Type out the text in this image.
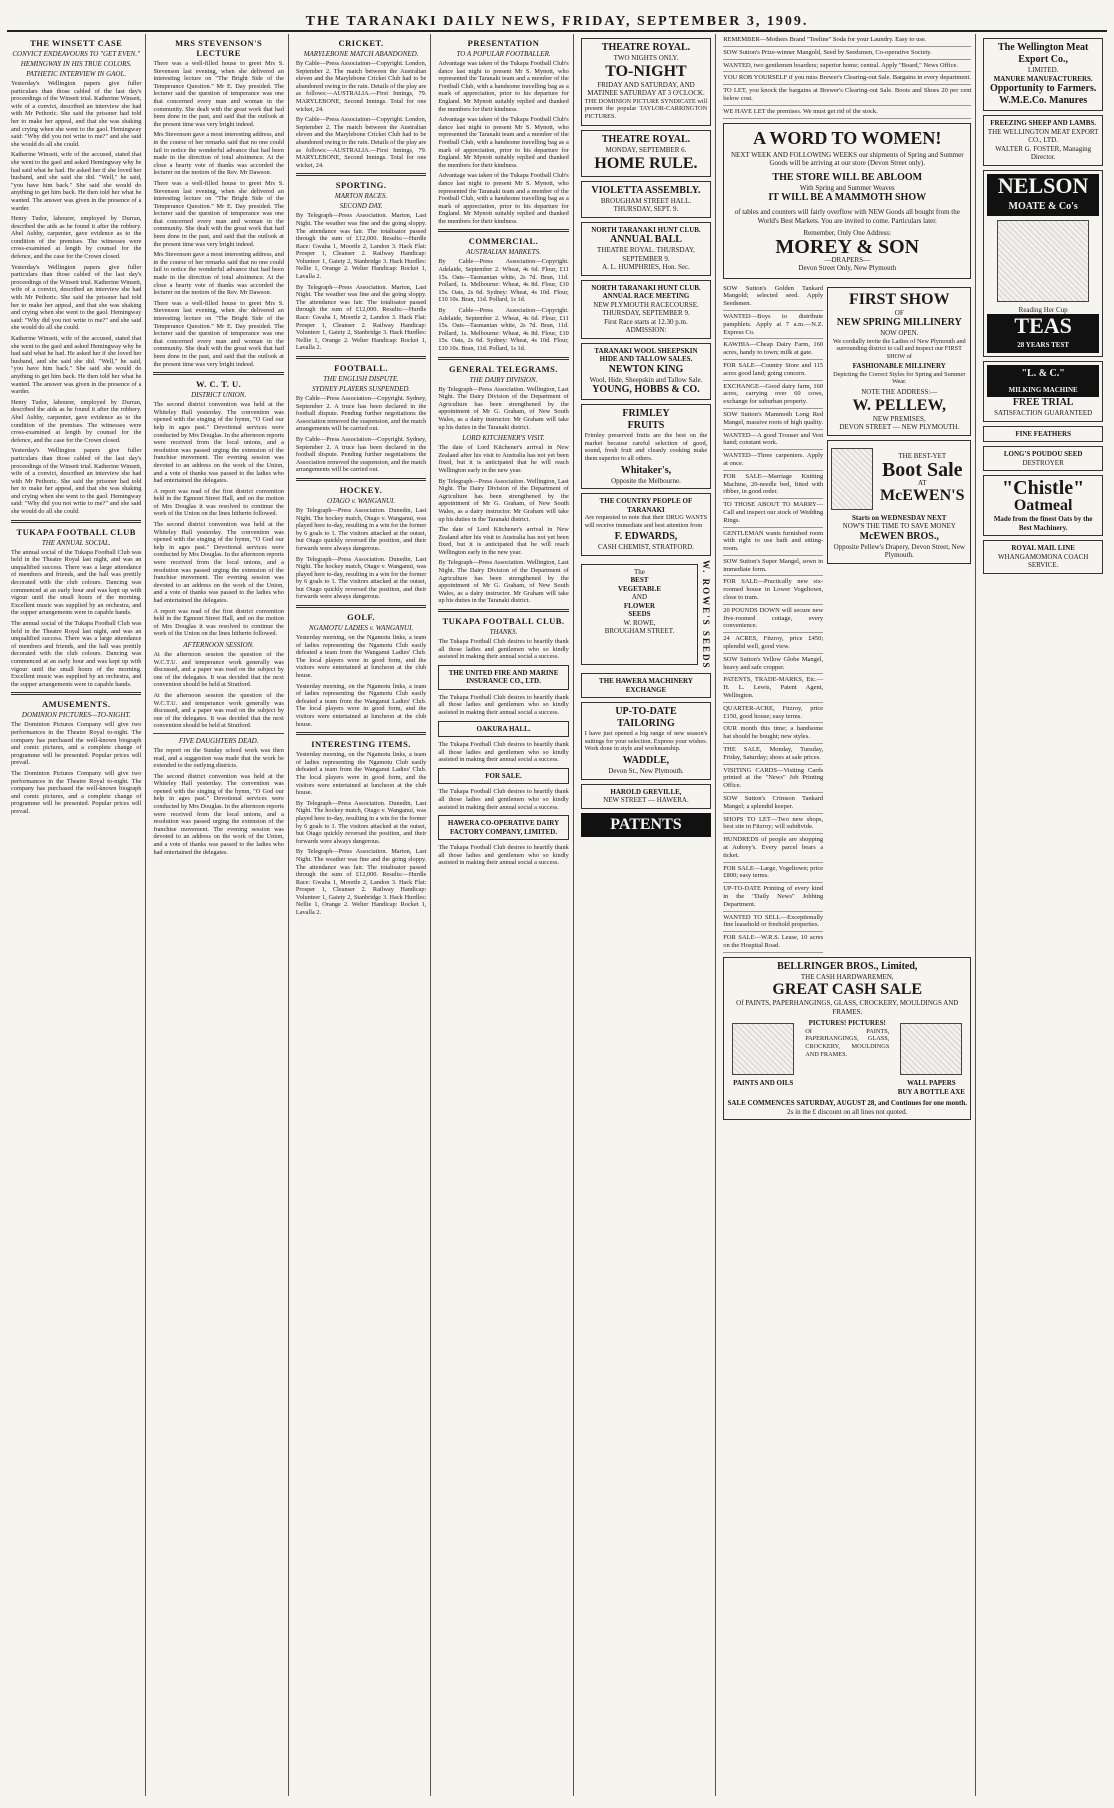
THE TARANAKI DAILY NEWS, FRIDAY, SEPTEMBER 3, 1909.
THE WINSETT CASE
CONVICT ENDEAVOURS TO "GET EVEN."
HEMINGWAY IN HIS TRUE COLORS.
PATHETIC INTERVIEW IN GAOL.

Yesterday's Wellington papers give fuller particulars than those cabled of the last day's proceedings of the Winsett trial. Katherine Winsett, wife of a convict, described an interview she had with Mr Pethoric. She said the prisoner had told her to make her appeal, and that she was shaking and crying when she went to the gaol. Hemingway said: "Why did you not write to me?" and she said she would do all she could.

Katherine Winsett, wife of the accused, stated that she went to the gaol and asked Hemingway why he had said what he had. He asked her if she loved her husband, and she said she did. "Well," he said, "you have him back." She said she would do anything to get him back. He then told her what he wanted. The answer was given in the presence of a warder.

Henry Tudor, labourer, employed by Durran, described the aids as he found it after the robbery. Abel Ashby, carpenter, gave evidence as to the condition of the premises. The witnesses were cross-examined at length by counsel for the defence, and the case for the Crown closed.

Yesterday's Wellington papers give fuller particulars than those cabled of the last day's proceedings of the Winsett trial. Katherine Winsett, wife of a convict, described an interview she had with Mr Pethoric. She said the prisoner had told her to make her appeal, and that she was shaking and crying when she went to the gaol. Hemingway said: "Why did you not write to me?" and she said she would do all she could.

Katherine Winsett, wife of the accused, stated that she went to the gaol and asked Hemingway why he had said what he had. He asked her if she loved her husband, and she said she did. "Well," he said, "you have him back." She said she would do anything to get him back. He then told her what he wanted. The answer was given in the presence of a warder.

Henry Tudor, labourer, employed by Durran, described the aids as he found it after the robbery. Abel Ashby, carpenter, gave evidence as to the condition of the premises. The witnesses were cross-examined at length by counsel for the defence, and the case for the Crown closed.

Yesterday's Wellington papers give fuller particulars than those cabled of the last day's proceedings of the Winsett trial. Katherine Winsett, wife of a convict, described an interview she had with Mr Pethoric. She said the prisoner had told her to make her appeal, and that she was shaking and crying when she went to the gaol. Hemingway said: "Why did you not write to me?" and she said she would do all she could.

TUKAPA FOOTBALL CLUB
THE ANNUAL SOCIAL.

The annual social of the Tukapa Football Club was held in the Theatre Royal last night, and was an unqualified success. There was a large attendance of members and friends, and the hall was prettily decorated with the club colours. Dancing was commenced at an early hour and was kept up with vigour until the small hours of the morning. Excellent music was supplied by an orchestra, and the supper arrangements were in capable hands.

The annual social of the Tukapa Football Club was held in the Theatre Royal last night, and was an unqualified success. There was a large attendance of members and friends, and the hall was prettily decorated with the club colours. Dancing was commenced at an early hour and was kept up with vigour until the small hours of the morning. Excellent music was supplied by an orchestra, and the supper arrangements were in capable hands.

AMUSEMENTS.
DOMINION PICTURES—TO-NIGHT.

The Dominion Pictures Company will give two performances in the Theatre Royal to-night. The company has purchased the well-known biograph and comic pictures, and a complete change of programme will be presented. Popular prices will prevail.

The Dominion Pictures Company will give two performances in the Theatre Royal to-night. The company has purchased the well-known biograph and comic pictures, and a complete change of programme will be presented. Popular prices will prevail.

MRS STEVENSON'S LECTURE

There was a well-filled house to greet Mrs S. Stevenson last evening, when she delivered an interesting lecture on "The Bright Side of the Temperance Question." Mr E. Day presided. The lecturer said the question of temperance was one that concerned every man and woman in the community. She dealt with the great work that had been done in the past, and said that the outlook at the present time was very bright indeed.

Mrs Stevenson gave a most interesting address, and in the course of her remarks said that no one could fail to notice the wonderful advance that had been made in the direction of total abstinence. At the close a hearty vote of thanks was accorded the lecturer on the motion of the Rev. Mr Dawson.

There was a well-filled house to greet Mrs S. Stevenson last evening, when she delivered an interesting lecture on "The Bright Side of the Temperance Question." Mr E. Day presided. The lecturer said the question of temperance was one that concerned every man and woman in the community. She dealt with the great work that had been done in the past, and said that the outlook at the present time was very bright indeed.

Mrs Stevenson gave a most interesting address, and in the course of her remarks said that no one could fail to notice the wonderful advance that had been made in the direction of total abstinence. At the close a hearty vote of thanks was accorded the lecturer on the motion of the Rev. Mr Dawson.

There was a well-filled house to greet Mrs S. Stevenson last evening, when she delivered an interesting lecture on "The Bright Side of the Temperance Question." Mr E. Day presided. The lecturer said the question of temperance was one that concerned every man and woman in the community. She dealt with the great work that had been done in the past, and said that the outlook at the present time was very bright indeed.

W. C. T. U.
DISTRICT UNION.

The second district convention was held at the Whiteley Hall yesterday. The convention was opened with the singing of the hymn, "O God our help in ages past." Devotional services were conducted by Mrs Douglas. In the afternoon reports were received from the local unions, and a resolution was passed urging the extension of the franchise movement. The evening session was devoted to an address on the work of the Union, and a vote of thanks was passed to the ladies who had entertained the delegates.

A report was read of the first district convention held in the Egmont Street Hall, and on the motion of Mrs Douglas it was resolved to continue the work of the Union on the lines hitherto followed.

The second district convention was held at the Whiteley Hall yesterday. The convention was opened with the singing of the hymn, "O God our help in ages past." Devotional services were conducted by Mrs Douglas. In the afternoon reports were received from the local unions, and a resolution was passed urging the extension of the franchise movement. The evening session was devoted to an address on the work of the Union, and a vote of thanks was passed to the ladies who had entertained the delegates.

A report was read of the first district convention held in the Egmont Street Hall, and on the motion of Mrs Douglas it was resolved to continue the work of the Union on the lines hitherto followed.

AFTERNOON SESSION.

At the afternoon session the question of the W.C.T.U. and temperance work generally was discussed, and a paper was read on the subject by one of the delegates. It was decided that the next convention should be held at Stratford.

At the afternoon session the question of the W.C.T.U. and temperance work generally was discussed, and a paper was read on the subject by one of the delegates. It was decided that the next convention should be held at Stratford.

FIVE DAUGHTERS DEAD.

The report on the Sunday school work was then read, and a suggestion was made that the work be extended to the outlying districts.

The second district convention was held at the Whiteley Hall yesterday. The convention was opened with the singing of the hymn, "O God our help in ages past." Devotional services were conducted by Mrs Douglas. In the afternoon reports were received from the local unions, and a resolution was passed urging the extension of the franchise movement. The evening session was devoted to an address on the work of the Union, and a vote of thanks was passed to the ladies who had entertained the delegates.

CRICKET.
MARYLEBONE MATCH ABANDONED.

By Cable—Press Association—Copyright. London, September 2. The match between the Australian eleven and the Marylebone Cricket Club had to be abandoned owing to the rain. Details of the play are as follows:—AUSTRALIA.—First Innings, 79. MARYLEBONE, Second Innings. Total for one wicket, 24.

By Cable—Press Association—Copyright. London, September 2. The match between the Australian eleven and the Marylebone Cricket Club had to be abandoned owing to the rain. Details of the play are as follows:—AUSTRALIA.—First Innings, 79. MARYLEBONE, Second Innings. Total for one wicket, 24.

SPORTING.
MARTON RACES.
SECOND DAY.

By Telegraph—Press Association. Marton, Last Night. The weather was fine and the going sloppy. The attendance was fair. The totalisator passed through the sum of £12,000. Results:—Hurdle Race: Gwaha 1, Moortle 2, Landon 3. Hack Flat: Prosper 1, Cleanser 2. Railway Handicap: Volunteer 1, Gaiety 2, Stanbridge 3. Hack Hurdles: Nellie 1, Orange 2. Welter Handicap: Rocket 1, Lavalla 2.

By Telegraph—Press Association. Marton, Last Night. The weather was fine and the going sloppy. The attendance was fair. The totalisator passed through the sum of £12,000. Results:—Hurdle Race: Gwaha 1, Moortle 2, Landon 3. Hack Flat: Prosper 1, Cleanser 2. Railway Handicap: Volunteer 1, Gaiety 2, Stanbridge 3. Hack Hurdles: Nellie 1, Orange 2. Welter Handicap: Rocket 1, Lavalla 2.

FOOTBALL.
THE ENGLISH DISPUTE.
SYDNEY PLAYERS SUSPENDED.

By Cable—Press Association—Copyright. Sydney, September 2. A truce has been declared in the football dispute. Pending further negotiations the Association removed the suspension, and the match arrangements will be carried out.

By Cable—Press Association—Copyright. Sydney, September 2. A truce has been declared in the football dispute. Pending further negotiations the Association removed the suspension, and the match arrangements will be carried out.

HOCKEY.
OTAGO v. WANGANUI.

By Telegraph—Press Association. Dunedin, Last Night. The hockey match, Otago v. Wanganui, was played here to-day, resulting in a win for the former by 6 goals to 1. The visitors attacked at the outset, but Otago quickly reversed the position, and their forwards were always dangerous.

By Telegraph—Press Association. Dunedin, Last Night. The hockey match, Otago v. Wanganui, was played here to-day, resulting in a win for the former by 6 goals to 1. The visitors attacked at the outset, but Otago quickly reversed the position, and their forwards were always dangerous.

GOLF.
NGAMOTU LADIES v. WANGANUI.

Yesterday morning, on the Ngamotu links, a team of ladies representing the Ngamotu Club easily defeated a team from the Wanganui Ladies' Club. The local players were in good form, and the visitors were entertained at luncheon at the club house.

Yesterday morning, on the Ngamotu links, a team of ladies representing the Ngamotu Club easily defeated a team from the Wanganui Ladies' Club. The local players were in good form, and the visitors were entertained at luncheon at the club house.

INTERESTING ITEMS.

Yesterday morning, on the Ngamotu links, a team of ladies representing the Ngamotu Club easily defeated a team from the Wanganui Ladies' Club. The local players were in good form, and the visitors were entertained at luncheon at the club house.

By Telegraph—Press Association. Dunedin, Last Night. The hockey match, Otago v. Wanganui, was played here to-day, resulting in a win for the former by 6 goals to 1. The visitors attacked at the outset, but Otago quickly reversed the position, and their forwards were always dangerous.

By Telegraph—Press Association. Marton, Last Night. The weather was fine and the going sloppy. The attendance was fair. The totalisator passed through the sum of £12,000. Results:—Hurdle Race: Gwaha 1, Moortle 2, Landon 3. Hack Flat: Prosper 1, Cleanser 2. Railway Handicap: Volunteer 1, Gaiety 2, Stanbridge 3. Hack Hurdles: Nellie 1, Orange 2. Welter Handicap: Rocket 1, Lavalla 2.

PRESENTATION
TO A POPULAR FOOTBALLER.

Advantage was taken of the Tukapa Football Club's dance last night to present Mr S. Mynott, who represented the Taranaki team and a member of the Football Club, with a handsome travelling bag as a mark of appreciation, prior to his departure for England. Mr Mynott suitably replied and thanked the members for their kindness.

Advantage was taken of the Tukapa Football Club's dance last night to present Mr S. Mynott, who represented the Taranaki team and a member of the Football Club, with a handsome travelling bag as a mark of appreciation, prior to his departure for England. Mr Mynott suitably replied and thanked the members for their kindness.

Advantage was taken of the Tukapa Football Club's dance last night to present Mr S. Mynott, who represented the Taranaki team and a member of the Football Club, with a handsome travelling bag as a mark of appreciation, prior to his departure for England. Mr Mynott suitably replied and thanked the members for their kindness.

COMMERCIAL.
AUSTRALIAN MARKETS.

By Cable—Press Association—Copyright. Adelaide, September 2. Wheat, 4s 6d. Flour, £11 15s. Oats—Tasmanian white, 2s 7d. Bran, 11d. Pollard, 1s. Melbourne: Wheat, 4s 8d. Flour, £10 15s. Oats, 2s 6d. Sydney: Wheat, 4s 10d. Flour, £10 10s. Bran, 11d. Pollard, 1s 1d.

By Cable—Press Association—Copyright. Adelaide, September 2. Wheat, 4s 6d. Flour, £11 15s. Oats—Tasmanian white, 2s 7d. Bran, 11d. Pollard, 1s. Melbourne: Wheat, 4s 8d. Flour, £10 15s. Oats, 2s 6d. Sydney: Wheat, 4s 10d. Flour, £10 10s. Bran, 11d. Pollard, 1s 1d.

GENERAL TELEGRAMS.
THE DAIRY DIVISION.

By Telegraph—Press Association. Wellington, Last Night. The Dairy Division of the Department of Agriculture has been strengthened by the appointment of Mr G. Graham, of New South Wales, as a dairy instructor. Mr Graham will take up his duties in the Taranaki district.

LORD KITCHENER'S VISIT.

The date of Lord Kitchener's arrival in New Zealand after his visit to Australia has not yet been fixed, but it is anticipated that he will reach Wellington early in the new year.

By Telegraph—Press Association. Wellington, Last Night. The Dairy Division of the Department of Agriculture has been strengthened by the appointment of Mr G. Graham, of New South Wales, as a dairy instructor. Mr Graham will take up his duties in the Taranaki district.

The date of Lord Kitchener's arrival in New Zealand after his visit to Australia has not yet been fixed, but it is anticipated that he will reach Wellington early in the new year.

By Telegraph—Press Association. Wellington, Last Night. The Dairy Division of the Department of Agriculture has been strengthened by the appointment of Mr G. Graham, of New South Wales, as a dairy instructor. Mr Graham will take up his duties in the Taranaki district.

TUKAPA FOOTBALL CLUB.
THANKS.

The Tukapa Football Club desires to heartily thank all those ladies and gentlemen who so kindly assisted in making their annual social a success.

THE UNITED FIRE AND MARINE INSURANCE CO., LTD.

The Tukapa Football Club desires to heartily thank all those ladies and gentlemen who so kindly assisted in making their annual social a success.

OAKURA HALL.

The Tukapa Football Club desires to heartily thank all those ladies and gentlemen who so kindly assisted in making their annual social a success.

FOR SALE.

The Tukapa Football Club desires to heartily thank all those ladies and gentlemen who so kindly assisted in making their annual social a success.

HAWERA CO-OPERATIVE DAIRY FACTORY COMPANY, LIMITED.

The Tukapa Football Club desires to heartily thank all those ladies and gentlemen who so kindly assisted in making their annual social a success.

THEATRE ROYAL.
TWO NIGHTS ONLY.
TO-NIGHT
FRIDAY AND SATURDAY, AND MATINEE SATURDAY AT 3 O'CLOCK.
THE DOMINION PICTURE SYNDICATE will present the popular TAYLOR-CARRINGTON PICTURES.
THEATRE ROYAL.
MONDAY, SEPTEMBER 6.
HOME RULE.
VIOLETTA ASSEMBLY.
BROUGHAM STREET HALL. THURSDAY, SEPT. 9.
NORTH TARANAKI HUNT CLUB.
ANNUAL BALL
THEATRE ROYAL. THURSDAY, SEPTEMBER 9.
A. L. HUMPHRIES, Hon. Sec.
NORTH TARANAKI HUNT CLUB. ANNUAL RACE MEETING
NEW PLYMOUTH RACECOURSE. THURSDAY, SEPTEMBER 9.
First Race starts at 12.30 p.m. ADMISSION:
TARANAKI WOOL SHEEPSKIN HIDE AND TALLOW SALES.
NEWTON KING
Wool, Hide, Sheepskin and Tallow Sale.
YOUNG, HOBBS & CO.
FRIMLEY
FRUITS
Frimley preserved fruits are the best on the market because careful selection of good, sound, fresh fruit and cleanly cooking make them superior to all others.
Whitaker's,
Opposite the Melbourne.
THE COUNTRY PEOPLE OF TARANAKI
Are requested to note that their DRUG WANTS will receive immediate and best attention from
F. EDWARDS,
CASH CHEMIST, STRATFORD.
The
BEST
VEGETABLE
AND
FLOWER
SEEDS
W. ROWE,
BROUGHAM STREET.	W. ROWE'S SEEDS
THE HAWERA MACHINERY EXCHANGE
UP-TO-DATE
TAILORING
I have just opened a big range of new season's suitings for your selection. Express your wishes. Work done in style and workmanship.
WADDLE,
Devon St., New Plymouth.
HAROLD GREVILLE,
NEW STREET — HAWERA.
PATENTS
REMEMBER—Mothers Brand "Teeline" Soda for your Laundry. Easy to use.
SOW Sutton's Prize-winner Mangold, Seed by Seedsmen, Co-operative Society.
WANTED, two gentlemen boarders; superior home; central. Apply "Board," News Office.
YOU ROB YOURSELF if you miss Brewer's Clearing-out Sale. Bargains in every department.
TO LET, you knock the bargains at Brewer's Clearing-out Sale. Boots and Shoes 20 per cent below cost.
WE HAVE LET the premises. We must get rid of the stock.
A WORD TO WOMEN!
NEXT WEEK AND FOLLOWING WEEKS our shipments of Spring and Summer Goods will be arriving at our store (Devon Street only).
THE STORE WILL BE ABLOOM
With Spring and Summer Weaves
IT WILL BE A MAMMOTH SHOW
of tables and counters will fairly overflow with NEW Goods all bought from the World's Best Markets. You are invited to come. Particulars later.
Remember, Only One Address:
MOREY & SON
—DRAPERS—
Devon Street Only, New Plymouth
SOW Sutton's Golden Tankard Mangold; selected seed. Apply Seedsmen.
WANTED—Boys to distribute pamphlets. Apply at 7 a.m.—N.Z. Express Co.
KAWHIA—Cheap Dairy Farm, 160 acres, handy to town; milk at gate.
FOR SALE—Country Store and 115 acres good land; going concern.
EXCHANGE—Good dairy farm, 160 acres, carrying over 60 cows, exchange for suburban property.
SOW Sutton's Mammoth Long Red Mangel, massive roots of high quality.
WANTED—A good Trouser and Vest hand; constant work.
WANTED—Three carpenters. Apply at once.
FOR SALE—Marriage Knitting Machine, 20-needle bed, fitted with ribber, in good order.
TO THOSE ABOUT TO MARRY—Call and inspect our stock of Wedding Rings.
GENTLEMAN wants furnished room with right to use bath and sitting-room.
SOW Sutton's Super Mangel, sown in immediate form.
FOR SALE—Practically new six-roomed house in Lower Vogeltown, close to tram.
20 POUNDS DOWN will secure new five-roomed cottage, every convenience.
24 ACRES, Fitzroy, price £450; splendid well, good view.
SOW Sutton's Yellow Globe Mangel, heavy and safe cropper.
PATENTS, TRADE-MARKS, Etc.—H. L. Lewis, Patent Agent, Wellington.
QUARTER-ACRE, Fitzroy, price £150, good house; easy terms.
OUR month this time; a handsome hat should be bought; new styles.
THE SALE, Monday, Tuesday, Friday, Saturday; shoes at sale prices.
VISITING CARDS—Visiting Cards printed at the "News" Job Printing Office.
SOW Sutton's Crimson Tankard Mangel; a splendid keeper.
SHOPS TO LET—Two new shops, best site in Fitzroy; will subdivide.
HUNDREDS of people are shopping at Aubrey's. Every parcel bears a ticket.
FOR SALE—Large, Vogeltown; price £800; easy terms.
UP-TO-DATE Printing of every kind in the "Daily News" Jobbing Department.
WANTED TO SELL—Exceptionally fine leasehold or freehold properties.
FOR SALE—W.R.S. Lease, 10 acres on the Hospital Road.
FIRST SHOW
OF
NEW SPRING MILLINERY
NOW OPEN.
We cordially invite the Ladies of New Plymouth and surrounding district to call and inspect our FIRST SHOW of
FASHIONABLE MILLINERY
Depicting the Correct Styles for Spring and Summer Wear.
NOTE THE ADDRESS:—
W. PELLEW,
NEW PREMISES,
DEVON STREET — NEW PLYMOUTH.
THE BEST-YET
Boot Sale
AT
McEWEN'S
Starts on WEDNESDAY NEXT
NOW'S THE TIME TO SAVE MONEY
McEWEN BROS.,
Opposite Pellew's Drapery, Devon Street, New Plymouth.
BELLRINGER BROS., Limited,
THE CASH HARDWAREMEN,
GREAT CASH SALE
Of PAINTS, PAPERHANGINGS, GLASS, CROCKERY, MOULDINGS AND FRAMES.
PAINTS AND OILS
PICTURES! PICTURES!
Of PAINTS, PAPERHANGINGS, GLASS, CROCKERY, MOULDINGS AND FRAMES.
WALL PAPERS
BUY A BOTTLE AXE
SALE COMMENCES SATURDAY, AUGUST 28, and Continues for one month.
2s in the £ discount on all lines not quoted.
The Wellington Meat Export Co.,
LIMITED.
MANURE MANUFACTURERS.
Opportunity to Farmers.
W.M.E.Co. Manures
FREEZING SHEEP AND LAMBS.
THE WELLINGTON MEAT EXPORT CO., LTD.
WALTER G. FOSTER, Managing Director.
NELSON
MOATE & Co's
Reading Her Cup
TEAS
28 YEARS TEST
"L. & C."
MILKING MACHINE
FREE TRIAL
SATISFACTION GUARANTEED
FINE FEATHERS
LONG'S POUDOU SEED
DESTROYER
"Chistle"
Oatmeal
Made from the finest Oats by the Best Machinery.
ROYAL MAIL LINE
WHANGAMOMONA COACH SERVICE.
